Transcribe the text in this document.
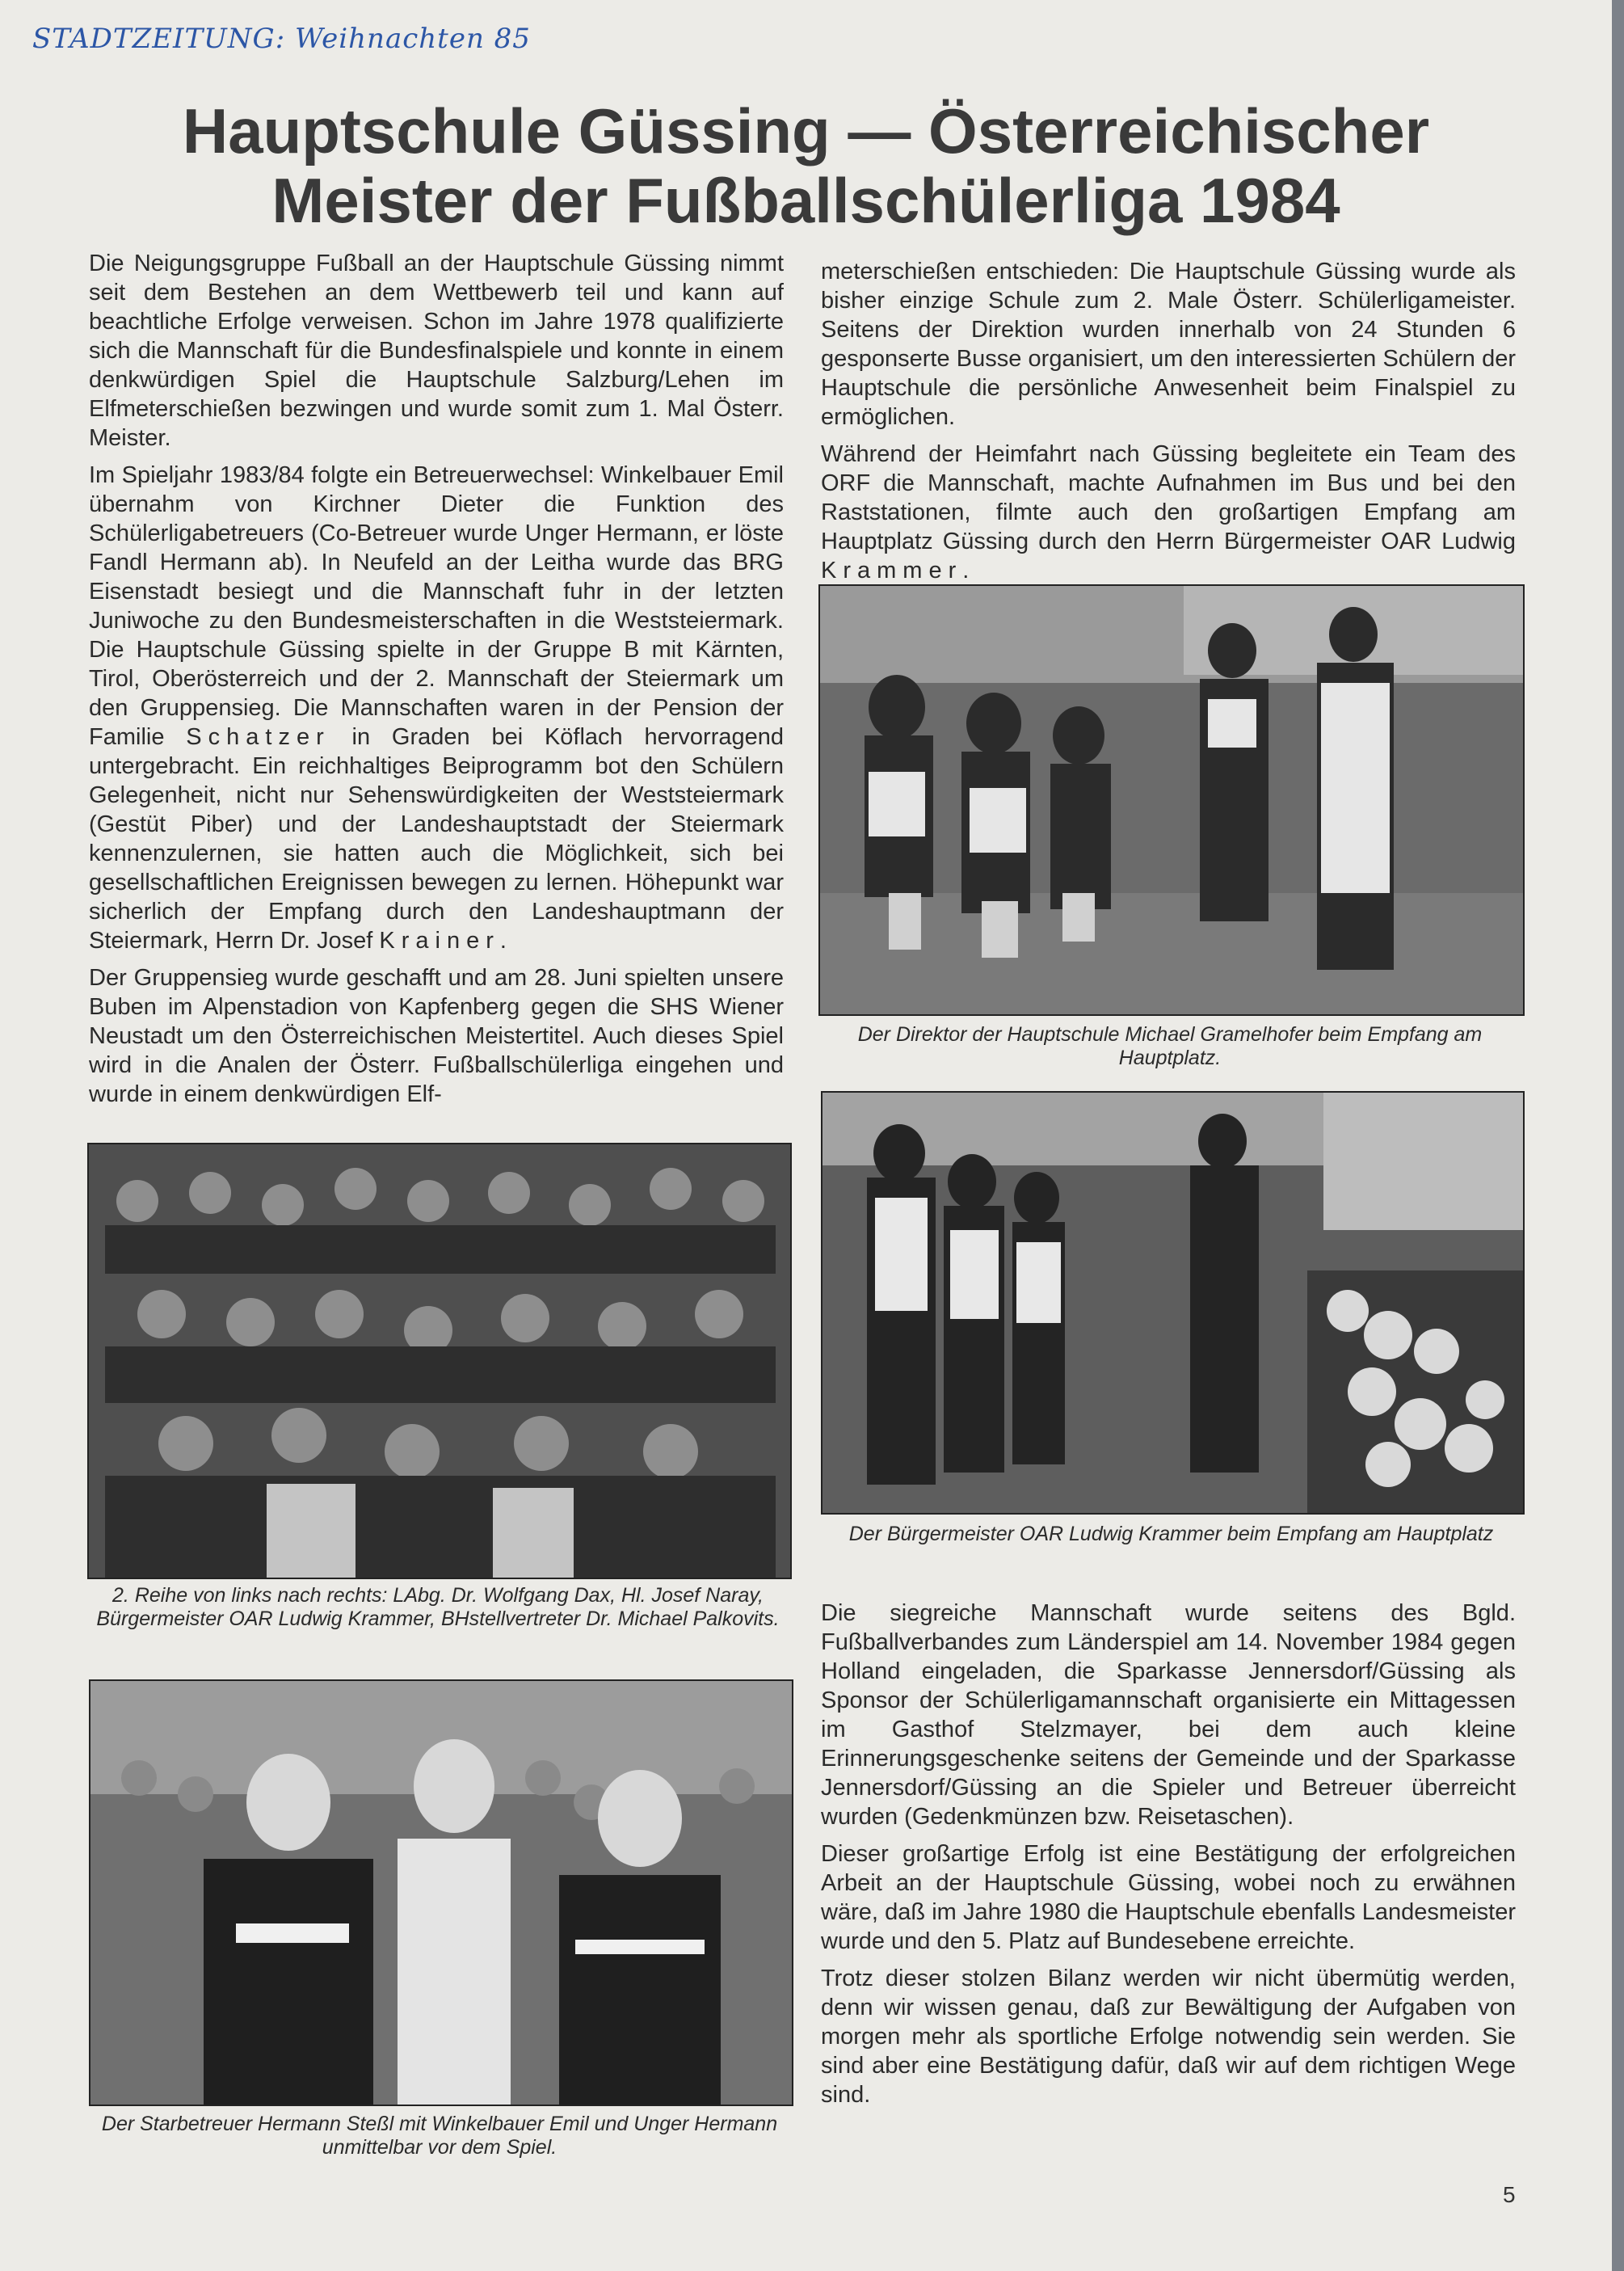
STADTZEITUNG: Weihnachten 85
Hauptschule Güssing — Österreichischer
Meister der Fußballschülerliga 1984

Die Neigungsgruppe Fußball an der Hauptschule Güssing nimmt seit dem Bestehen an dem Wettbewerb teil und kann auf beachtliche Erfolge verweisen. Schon im Jahre 1978 qualifizierte sich die Mannschaft für die Bundesfinalspiele und konnte in einem denkwürdigen Spiel die Hauptschule Salzburg/Lehen im Elfmeterschießen bezwingen und wurde somit zum 1. Mal Österr. Meister.

Im Spieljahr 1983/84 folgte ein Betreuerwechsel: Winkelbauer Emil übernahm von Kirchner Dieter die Funktion des Schülerligabetreuers (Co-Betreuer wurde Unger Hermann, er löste Fandl Hermann ab). In Neufeld an der Leitha wurde das BRG Eisenstadt besiegt und die Mannschaft fuhr in der letzten Juniwoche zu den Bundesmeisterschaften in die Weststeiermark. Die Hauptschule Güssing spielte in der Gruppe B mit Kärnten, Tirol, Oberösterreich und der 2. Mannschaft der Steiermark um den Gruppensieg. Die Mannschaften waren in der Pension der Familie Schatzer in Graden bei Köflach hervorragend untergebracht. Ein reichhaltiges Beiprogramm bot den Schülern Gelegenheit, nicht nur Sehenswürdigkeiten der Weststeiermark (Gestüt Piber) und der Landeshauptstadt der Steiermark kennenzulernen, sie hatten auch die Möglichkeit, sich bei gesellschaftlichen Ereignissen bewegen zu lernen. Höhepunkt war sicherlich der Empfang durch den Landeshauptmann der Steiermark, Herrn Dr. Josef Krainer.

Der Gruppensieg wurde geschafft und am 28. Juni spielten unsere Buben im Alpenstadion von Kapfenberg gegen die SHS Wiener Neustadt um den Österreichischen Meistertitel. Auch dieses Spiel wird in die Analen der Österr. Fußballschülerliga eingehen und wurde in einem denkwürdigen Elf-

meterschießen entschieden: Die Hauptschule Güssing wurde als bisher einzige Schule zum 2. Male Österr. Schülerligameister. Seitens der Direktion wurden innerhalb von 24 Stunden 6 gesponserte Busse organisiert, um den interessierten Schülern der Hauptschule die persönliche Anwesenheit beim Finalspiel zu ermöglichen.

Während der Heimfahrt nach Güssing begleitete ein Team des ORF die Mannschaft, machte Aufnahmen im Bus und bei den Raststationen, filmte auch den großartigen Empfang am Hauptplatz Güssing durch den Herrn Bürgermeister OAR Ludwig Krammer.

Der Direktor der Hauptschule Michael Gramelhofer beim Empfang am Hauptplatz.
Der Bürgermeister OAR Ludwig Krammer beim Empfang am Hauptplatz

Die siegreiche Mannschaft wurde seitens des Bgld. Fußballverbandes zum Länderspiel am 14. November 1984 gegen Holland eingeladen, die Sparkasse Jennersdorf/Güssing als Sponsor der Schülerligamannschaft organisierte ein Mittagessen im Gasthof Stelzmayer, bei dem auch kleine Erinnerungsgeschenke seitens der Gemeinde und der Sparkasse Jennersdorf/Güssing an die Spieler und Betreuer überreicht wurden (Gedenkmünzen bzw. Reisetaschen).

Dieser großartige Erfolg ist eine Bestätigung der erfolgreichen Arbeit an der Hauptschule Güssing, wobei noch zu erwähnen wäre, daß im Jahre 1980 die Hauptschule ebenfalls Landesmeister wurde und den 5. Platz auf Bundesebene erreichte.

Trotz dieser stolzen Bilanz werden wir nicht übermütig werden, denn wir wissen genau, daß zur Bewältigung der Aufgaben von morgen mehr als sportliche Erfolge notwendig sein werden. Sie sind aber eine Bestätigung dafür, daß wir auf dem richtigen Wege sind.

2. Reihe von links nach rechts: LAbg. Dr. Wolfgang Dax, Hl. Josef Naray, Bürgermeister OAR Ludwig Krammer, BHstellvertreter Dr. Michael Palkovits.
Der Starbetreuer Hermann Steßl mit Winkelbauer Emil und Unger Hermann unmittelbar vor dem Spiel.
5
